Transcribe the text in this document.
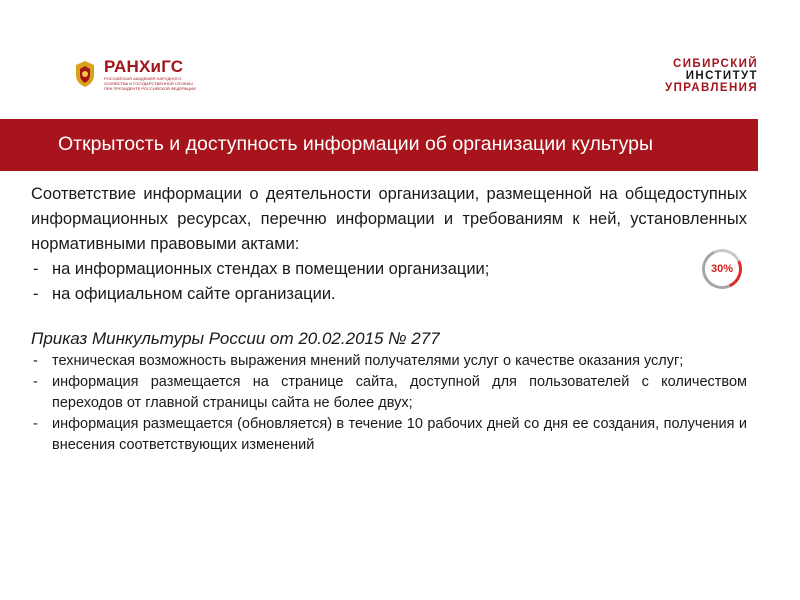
РАНХиГС
РОССИЙСКАЯ АКАДЕМИЯ НАРОДНОГО ХОЗЯЙСТВА И ГОСУДАРСТВЕННОЙ СЛУЖБЫ ПРИ ПРЕЗИДЕНТЕ РОССИЙСКОЙ ФЕДЕРАЦИИ
СИБИРСКИЙ
ИНСТИТУТ
УПРАВЛЕНИЯ
Открытость и доступность информации об организации культуры
30%
Соответствие информации о деятельности организации, размещенной на общедоступных информационных ресурсах, перечню информации и требованиям к ней, установленных нормативными правовыми актами:
- на информационных стендах в помещении организации;
- на официальном сайте организации.
Приказ Минкультуры России от 20.02.2015 № 277
- техническая возможность выражения мнений получателями услуг о качестве оказания услуг;
- информация размещается на странице сайта, доступной для пользователей с количеством переходов от главной страницы сайта не более двух;
- информация размещается (обновляется) в течение 10 рабочих дней со дня ее создания, получения и внесения соответствующих изменений
